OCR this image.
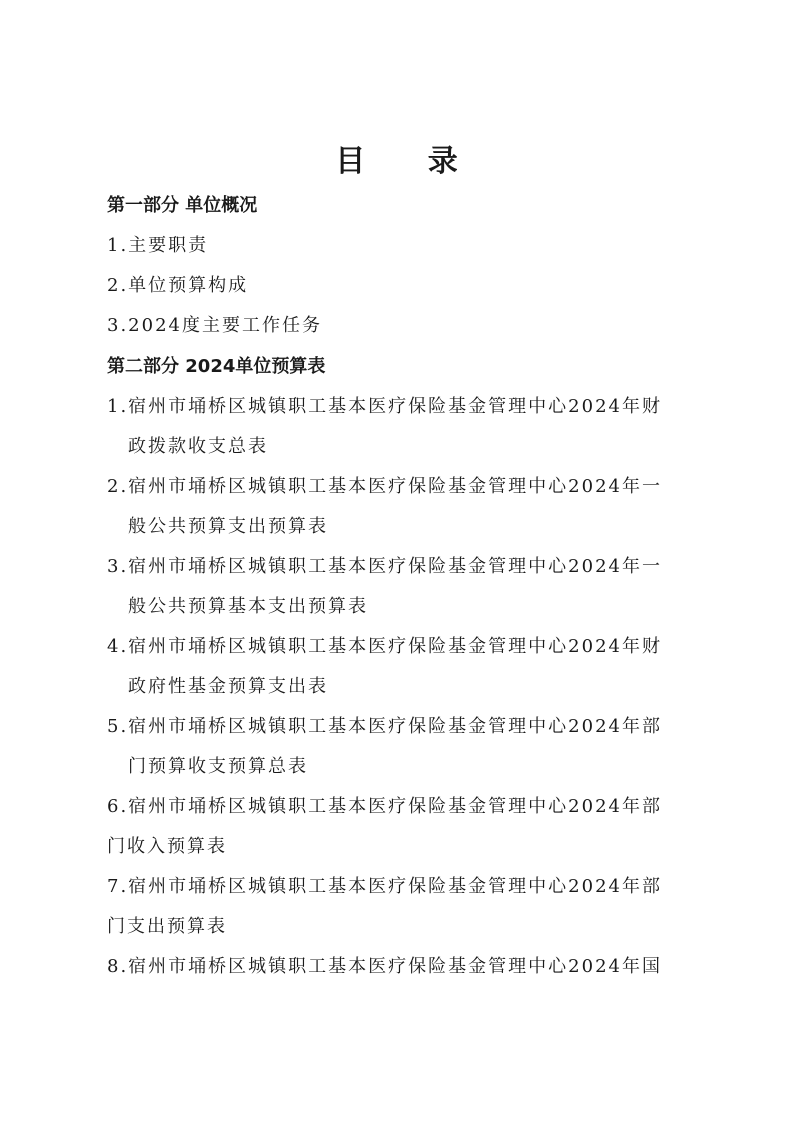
目 录
第一部分 单位概况
1.主要职责
2.单位预算构成
3.2024度主要工作任务
第二部分 2024单位预算表
1.宿州市埇桥区城镇职工基本医疗保险基金管理中心2024年财
政拨款收支总表
2.宿州市埇桥区城镇职工基本医疗保险基金管理中心2024年一
般公共预算支出预算表
3.宿州市埇桥区城镇职工基本医疗保险基金管理中心2024年一
般公共预算基本支出预算表
4.宿州市埇桥区城镇职工基本医疗保险基金管理中心2024年财
政府性基金预算支出表
5.宿州市埇桥区城镇职工基本医疗保险基金管理中心2024年部
门预算收支预算总表
6.宿州市埇桥区城镇职工基本医疗保险基金管理中心2024年部
门收入预算表
7.宿州市埇桥区城镇职工基本医疗保险基金管理中心2024年部
门支出预算表
8.宿州市埇桥区城镇职工基本医疗保险基金管理中心2024年国
